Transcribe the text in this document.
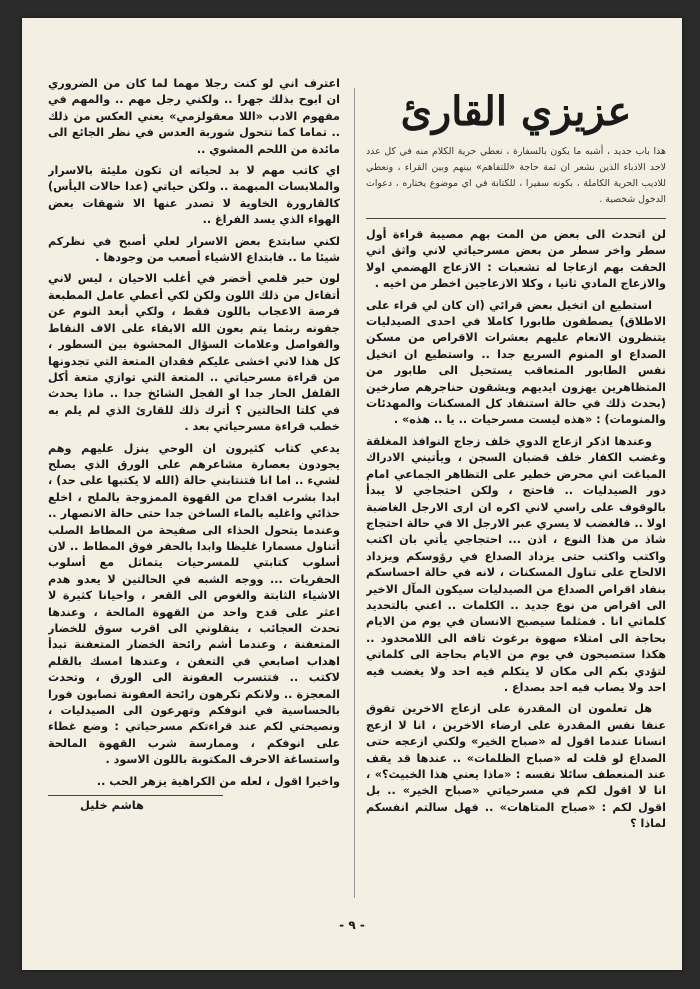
عزيزي القارئ

هذا باب جديد ، أشبه ما يكون بالسفارة ، نعطي حرية الكلام منه في كل عدد لاحد الادباء الذين نشعر ان ثمة حاجة «للتفاهم» بينهم وبين القراء ، ونعطي للاديب الحرية الكاملة ، بكونه سفيرا ، للكتابة في اي موضوع يختاره ، دعوات الدخول شخصية .

لن اتحدث الى بعض من المت بهم مصيبة قراءة أول سطر واخر سطر من بعض مسرحياتي لاني واثق اني الحقت بهم ازعاجا له تشعبات : الازعاج الهضمي اولا والازعاج المادي ثانيا ، وكلا الازعاجين اخطر من اخيه .

استطيع ان اتخيل بعض قرائي (ان كان لي قراء على الاطلاق) يصطفون طابورا كاملا في احدى الصيدليات يتنظرون الانعام عليهم بعشرات الاقراص من مسكن الصداع او المنوم السريع جدا .. واستطيع ان اتخيل نفس الطابور المتعاقب يستحيل الى طابور من المتظاهرين يهزون ايديهم ويشقون حناجرهم صارخين (بحدث ذلك في حالة استنفاد كل المسكنات والمهدئات والمنومات) : «هذه ليست مسرحيات .. يا .. هذه» .

وعندها اذكر ازعاج الدوي خلف زجاج النوافذ المغلقة وغضب الكفار خلف قضبان السجن ، ويأتيني الادراك المباغت اني محرض خطير على التظاهر الجماعي امام دور الصيدليات .. فاحتج ، ولكن احتجاجي لا يبدأ بالوقوف على راسي لاني اكره ان ارى الارجل الغاضبة اولا .. فالغضب لا يسري عبر الارجل الا في حالة احتجاج شاذ من هذا النوع ، اذن ... احتجاجي يأتي بان اكتب واكتب واكتب حتى يزداد الصداع في رؤوسكم ويزداد الالحاح على تناول المسكنات ، لانه في حالة احساسكم بنفاد اقراص الصداع من الصيدليات سيكون المآل الاخير الى اقراص من نوع جديد .. الكلمات .. اعني بالتحديد كلماتي انا . فمثلما سيصبح الانسان في يوم من الايام بحاجة الى امتلاء صهوة برغوث تافه الى اللامحدود .. هكذا ستصبحون في يوم من الايام بحاجة الى كلماتي لتؤدي بكم الى مكان لا يتكلم فيه احد ولا يغضب فيه احد ولا يصاب فيه احد بصداع .

هل تعلمون ان المقدرة على ازعاج الاخرين تفوق عنفا نفس المقدرة على ارضاء الاخرين ، انا لا ازعج انسانا عندما اقول له «صباح الخير» ولكني ازعجه حتى الصداع لو قلت له «صباح الظلمات» .. عندها قد يقف عند المنعطف سائلا نفسه : «ماذا يعني هذا الخبيث؟» ، انا لا اقول لكم في مسرحياتي «صباح الخير» .. بل اقول لكم : «صباح المتاهات» .. فهل سالتم انفسكم لماذا ؟

اعترف اني لو كنت رجلا مهما لما كان من الضروري ان ابوح بذلك جهرا .. ولكني رجل مهم .. والمهم في مفهوم الادب «اللا معقولزمي» يعني العكس من ذلك .. تماما كما تتحول شوربة العدس في نظر الجائع الى مائدة من اللحم المشوي ..

اي كاتب مهم لا بد لحياته ان تكون مليئة بالاسرار والملابسات المبهمة .. ولكن حياتي (عدا حالات اليأس) كالقارورة الخاوية لا تصدر عنها الا شهقات بعض الهواء الذي يسد الفراغ ..

لكني سابتدع بعض الاسرار لعلي أصبح في نظركم شيئا ما .. فابتداع الاشياء أصعب من وجودها .

لون حبر قلمي أخضر في أغلب الاحيان ، ليس لاني أتفاءل من ذلك اللون ولكن لكي أعطي عامل المطبعة فرصة الاعجاب باللون فقط ، ولكي أبعد النوم عن جفونه ربثما يتم بعون الله الابقاء على الاف النقاط والفواصل وعلامات السؤال المحشوة بين السطور ، كل هذا لاني اخشى عليكم فقدان المتعة التي تجدونها من قراءة مسرحياتي .. المتعة التي توازي متعة أكل الفلفل الحار جدا او الفجل الشائخ جدا .. ماذا يحدث في كلتا الحالتين ؟ أترك ذلك للقارئ الذي لم يلم به خطب قراءة مسرحياتي بعد .

يدعي كتاب كثيرون ان الوحي ينزل عليهم وهم يجودون بعصارة مشاعرهم على الورق الذي يصلح لشيء .. اما انا فتنتابني حالة (الله لا يكتبها على حد) ، ابدا بشرب اقداح من القهوة الممزوجة بالملح ، اخلع حذائي واغليه بالماء الساخن جدا حتى حالة الانصهار .. وعندما يتحول الحذاء الى صفيحة من المطاط الصلب أتناول مسمارا غليظا وابدا بالحفر فوق المطاط .. لان أسلوب كتابتي للمسرحيات يتماثل مع أسلوب الحفريات ... ووجه الشبه في الحالتين لا يعدو هدم الاشياء الثابتة والغوص الى القعر ، واحيانا كثيرة لا اعثر على قدح واحد من القهوة المالحة ، وعندها تحدث العجائب ، ينقلوني الى اقرب سوق للخضار المتعفنة ، وعندما أشم رائحة الخضار المتعفنة تبدأ اهداب اصابعي في التعفن ، وعندها امسك بالقلم لاكتب .. فتتسرب العفونة الى الورق ، وتحدث المعجزة .. ولانكم تكرهون رائحة العفونة تصابون فورا بالحساسية في انوفكم وتهرعون الى الصيدليات ، ونصيحتي لكم عند قراءتكم مسرحياتي : وضع غطاء على انوفكم ، وممارسة شرب القهوة المالحة واستساغة الاحرف المكتوبة باللون الاسود .

واخيرا اقول ، لعله من الكراهية يزهر الحب ..

هاشم خليل
- ٩ -
